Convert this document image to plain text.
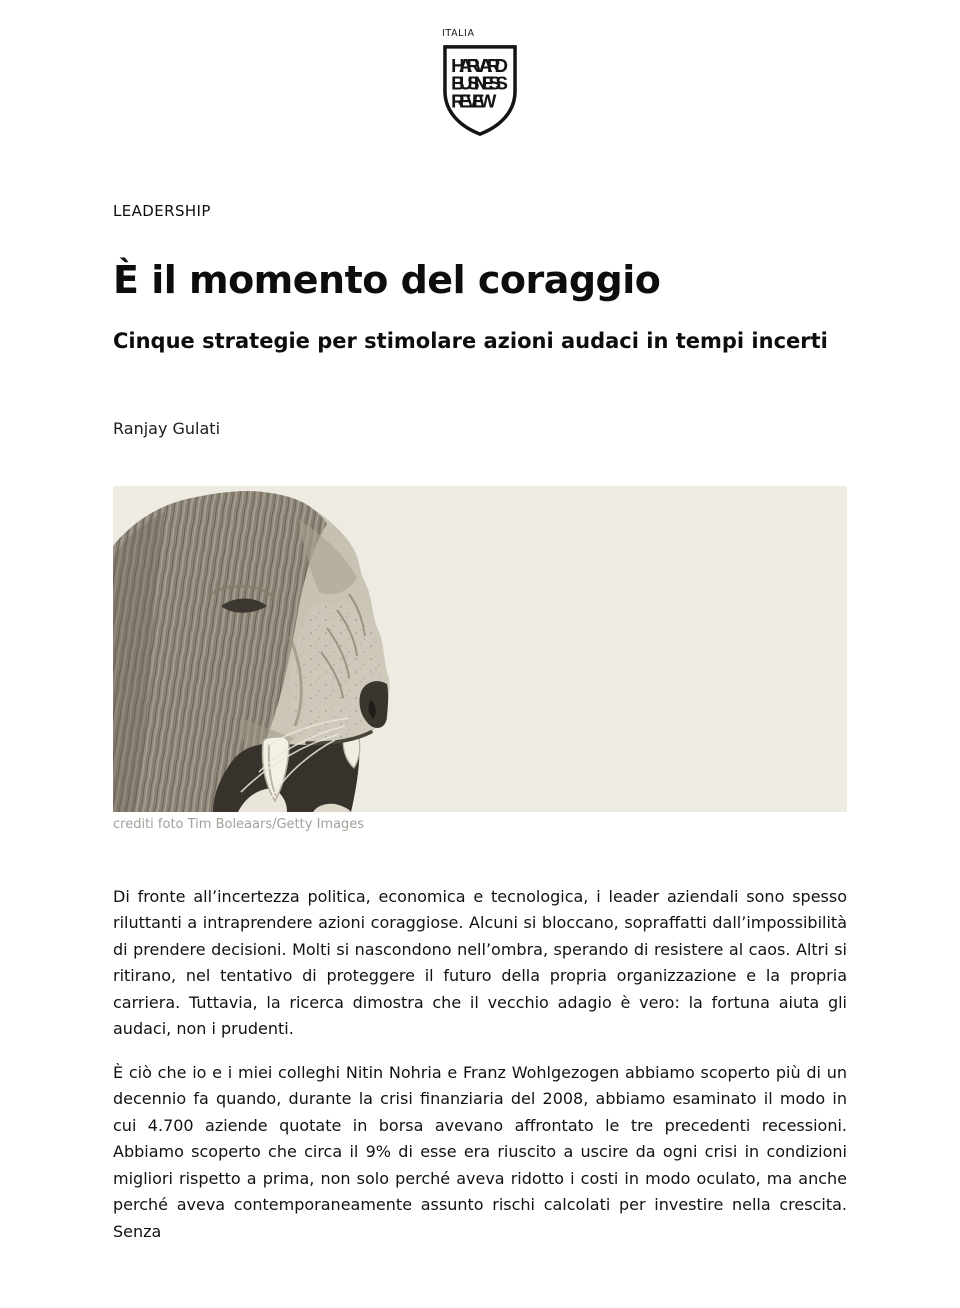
ITALIA
HARVARD
BUSINESS
REVIEW
LEADERSHIP
È il momento del coraggio
Cinque strategie per stimolare azioni audaci in tempi incerti
Ranjay Gulati
crediti foto Tim Boleaars/Getty Images

Di fronte all’incertezza politica, economica e tecnologica, i leader aziendali sono spesso riluttanti a intraprendere azioni coraggiose. Alcuni si bloccano, sopraffatti dall’impossibilità di prendere decisioni. Molti si nascondono nell’ombra, sperando di resistere al caos. Altri si ritirano, nel tentativo di proteggere il futuro della propria organizzazione e la propria carriera. Tuttavia, la ricerca dimostra che il vecchio adagio è vero: la fortuna aiuta gli audaci, non i prudenti.

È ciò che io e i miei colleghi Nitin Nohria e Franz Wohlgezogen abbiamo scoperto più di un decennio fa quando, durante la crisi finanziaria del 2008, abbiamo esaminato il modo in cui 4.700 aziende quotate in borsa avevano affrontato le tre precedenti recessioni. Abbiamo scoperto che circa il 9% di esse era riuscito a uscire da ogni crisi in condizioni migliori rispetto a prima, non solo perché aveva ridotto i costi in modo oculato, ma anche perché aveva contemporaneamente assunto rischi calcolati per investire nella crescita. Senza
